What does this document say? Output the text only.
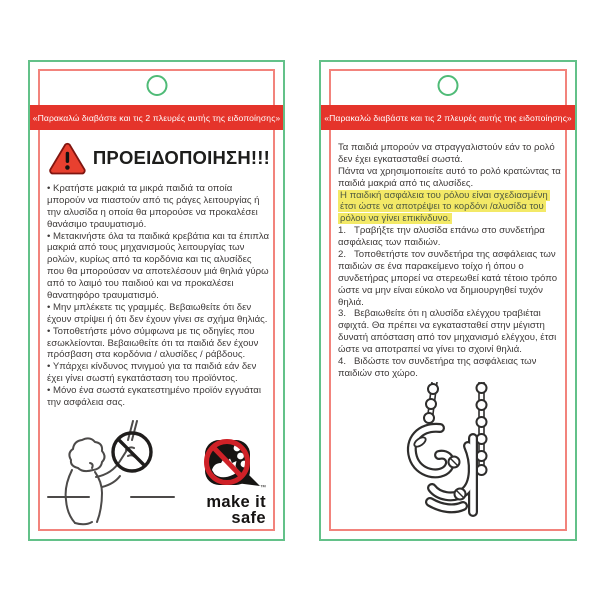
«Παρακαλώ διαβάστε και τις 2 πλευρές αυτής της ειδοποίησης»
ΠΡΟΕΙΔΟΠΟΙΗΣΗ!!!

• Κρατήστε μακριά τα μικρά παιδιά τα οποία μπορούν να πιαστούν από τις ράγες λειτουργίας ή την αλυσίδα η οποία θα μπορούσε να προκαλέσει θανάσιμο τραυματισμό.

• Μετακινήστε όλα τα παιδικά κρεβάτια και τα έπιπλα μακριά από τους μηχανισμούς λειτουργίας των ρολών, κυρίως από τα κορδόνια και τις αλυσίδες που θα μπορούσαν να αποτελέσουν μιά θηλιά γύρω από το λαιμό του παιδιού και να προκαλέσει θανατηφόρο τραυματισμό.

• Μην μπλέκετε τις γραμμές. Βεβαιωθείτε ότι δεν έχουν στρίψει ή ότι δεν έχουν γίνει σε σχήμα θηλιάς.

• Τοποθετήστε μόνο σύμφωνα με τις οδηγίες που εσωκλείονται. Βεβαιωθείτε ότι τα παιδιά δεν έχουν πρόσβαση στα κορδόνια / αλυσίδες / ράβδους.

• Υπάρχει κίνδυνος πνιγμού για τα παιδιά εάν δεν έχει γίνει σωστή εγκατάσταση του προϊόντος.

• Μόνο ένα σωστά εγκατεστημένο προϊόν εγγυάται την ασφάλεια σας.

™
make it
safe
«Παρακαλώ διαβάστε και τις 2 πλευρές αυτής της ειδοποίησης»

Τα παιδιά μπορούν να στραγγαλιστούν εάν το ρολό δεν έχει εγκατασταθεί σωστά.

Πάντα να χρησιμοποιείτε αυτό το ρολό κρατώντας τα παιδιά μακριά από τις αλυσίδες.

Η παιδική ασφάλεια του ρόλου είναι σχεδιασμένη έτσι ώστε να αποτρέψει το κορδόνι /αλυσίδα του ρόλου να γίνει επικίνδυνο.

1.   Τραβήξτε την αλυσίδα επάνω στο συνδετήρα ασφάλειας των παιδιών.

2.   Τοποθετήστε τον συνδετήρα της ασφάλειας των παιδιών σε ένα παρακείμενο τοίχο ή όπου ο συνδετήρας μπορεί να στερεωθεί κατά τέτοιο τρόπο ώστε να μην είναι εύκολο να δημιουργηθεί τυχόν θηλιά.

3.   Βεβαιωθείτε ότι η αλυσίδα ελέγχου τραβιέται σφιχτά. Θα πρέπει να εγκατασταθεί στην μέγιστη δυνατή απόσταση από τον μηχανισμό ελέγχου, έτσι ώστε να αποτραπεί να γίνει το σχοινί θηλιά.

4.   Βιδώστε τον συνδετήρα της ασφάλειας των παιδιών στο χώρο.
